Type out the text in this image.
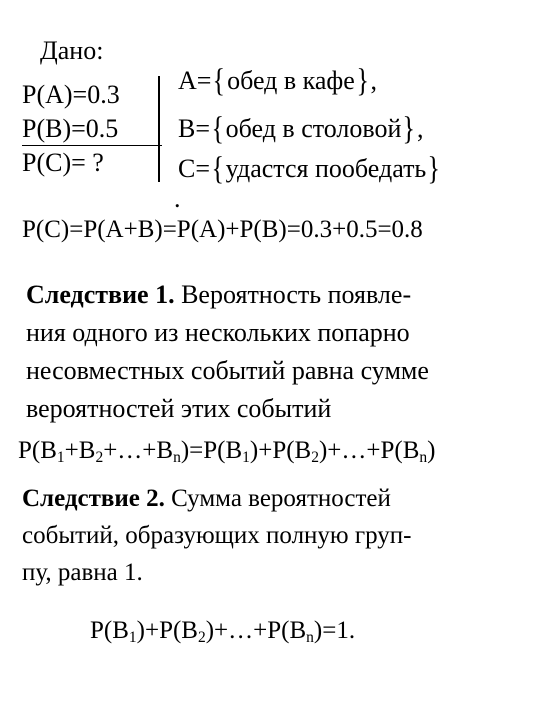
Дано:
P(A)=0.3
P(B)=0.5
P(C)= ?
A={обед в кафе},
B={обед в столовой},
C={удастся пообедать}
.
P(C)=P(A+B)=P(A)+P(B)=0.3+0.5=0.8
Следствие 1. Вероятность появле-
ния одного из нескольких попарно
несовместных событий равна сумме
вероятностей этих событий
$P(B_1+B_2+\dots+B_n)=P(B_1)+P(B_2)+\dots+P(B_n)$
Следствие 2. Сумма вероятностей
событий, образующих полную груп-
пу, равна 1.
$P(B_1)+P(B_2)+\dots+P(B_n)=1$.
